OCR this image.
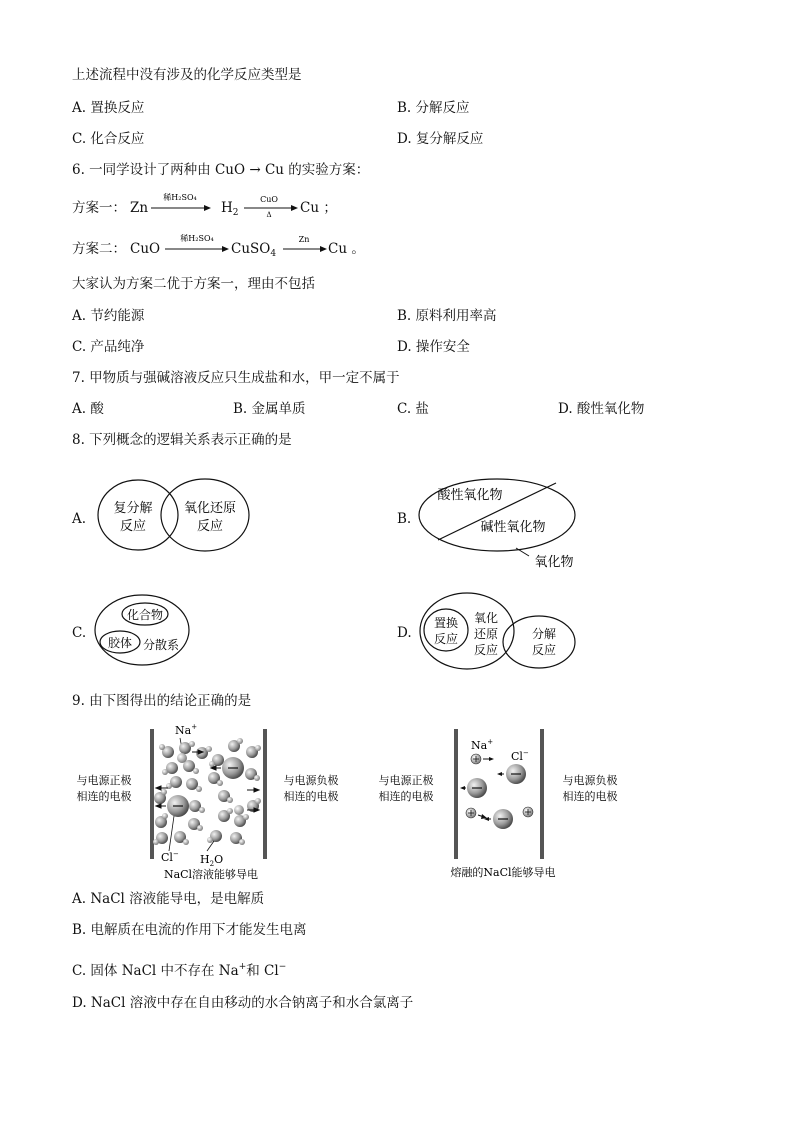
上述流程中没有涉及的化学反应类型是
A. 置换反应	B. 分解反应
C. 化合反应	D. 复分解反应
6. 一同学设计了两种由 CuO → Cu 的实验方案：
方案一： Zn
稀H₂SO₄
$H_2$
CuO
Δ Cu ；
方案二： CuO
稀H₂SO₄
CuSO$_4$
Zn
Cu 。
大家认为方案二优于方案一，理由不包括
A. 节约能源	B. 原料利用率高
C. 产品纯净	D. 操作安全
7. 甲物质与强碱溶液反应只生成盐和水，甲一定不属于
A. 酸	B. 金属单质	C. 盐	D. 酸性氧化物
8. 下列概念的逻辑关系表示正确的是
A.
复分解
反应
氧化还原
反应	B.
酸性氧化物
碱性氧化物
氧化物
C.
化合物
胶体 分散系
D.
置换
反应
氧化
还原
反应
分解
反应
9. 由下图得出的结论正确的是
与电源正极
相连的电极
与电源负极
相连的电极
Na+
Cl− $H_2O$
NaCl溶液能够导电
与电源正极
相连的电极
与电源负极
相连的电极
Na+
Cl−
熔融的NaCl能够导电
A. NaCl 溶液能导电，是电解质
B. 电解质在电流的作用下才能发生电离
C. 固体 NaCl 中不存在 Na+和 Cl−
D. NaCl 溶液中存在自由移动的水合钠离子和水合氯离子
